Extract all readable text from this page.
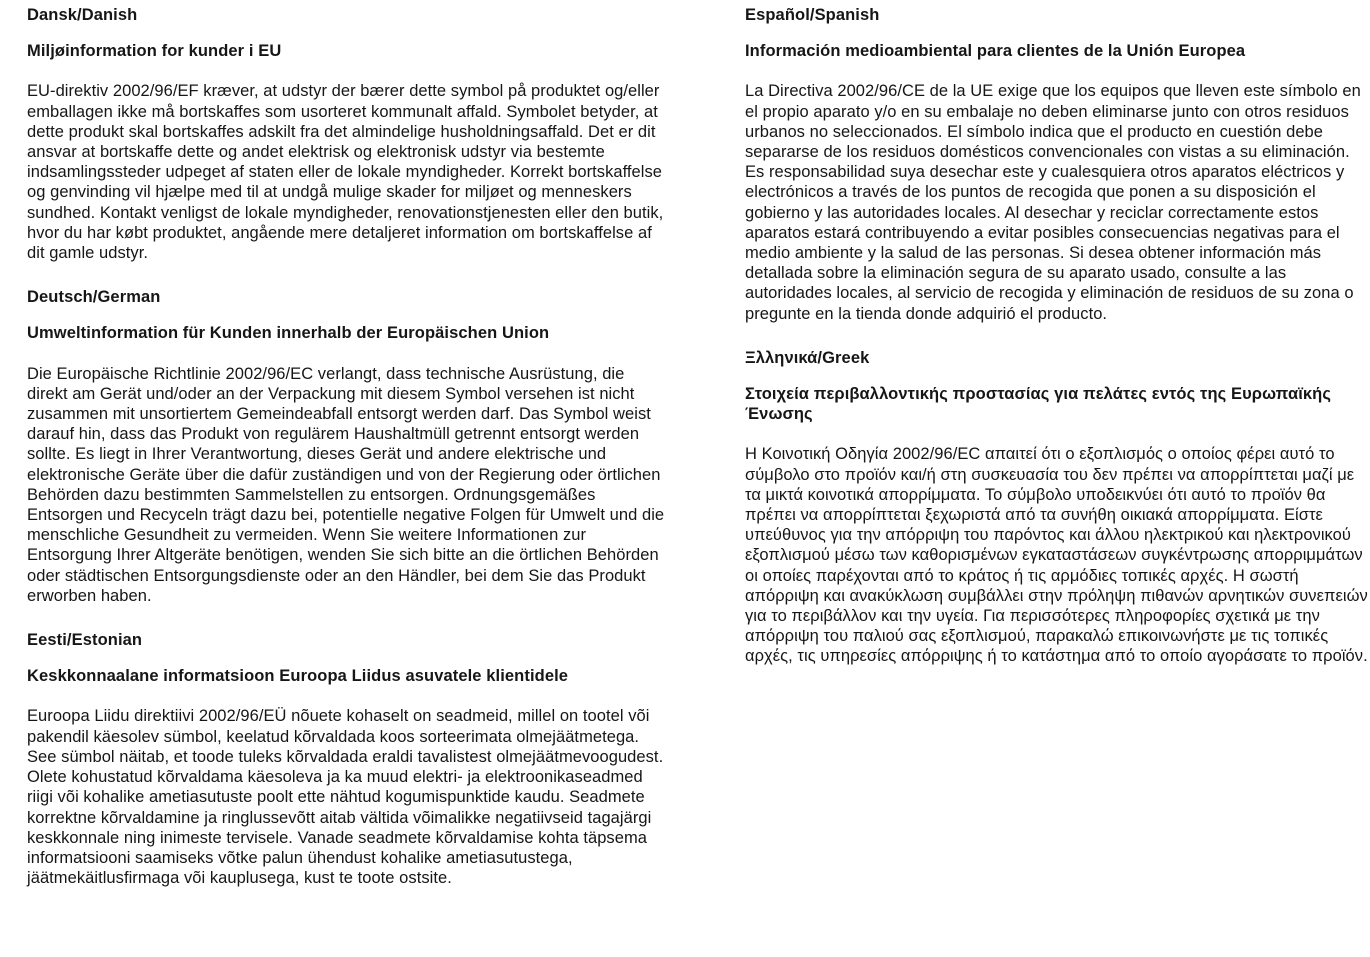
Dansk/Danish
Miljøinformation for kunder i EU
EU-direktiv 2002/96/EF kræver, at udstyr der bærer dette symbol på produktet og/eller emballagen ikke må bortskaffes som usorteret kommunalt affald. Symbolet betyder, at dette produkt skal bortskaffes adskilt fra det almindelige husholdningsaffald. Det er dit ansvar at bortskaffe dette og andet elektrisk og elektronisk udstyr via bestemte indsamlingssteder udpeget af staten eller de lokale myndigheder. Korrekt bortskaffelse og genvinding vil hjælpe med til at undgå mulige skader for miljøet og menneskers sundhed. Kontakt venligst de lokale myndigheder, renovationstjenesten eller den butik, hvor du har købt produktet, angående mere detaljeret information om bortskaffelse af dit gamle udstyr.
Deutsch/German
Umweltinformation für Kunden innerhalb der Europäischen Union
Die Europäische Richtlinie 2002/96/EC verlangt, dass technische Ausrüstung, die direkt am Gerät und/oder an der Verpackung mit diesem Symbol versehen ist nicht zusammen mit unsortiertem Gemeindeabfall entsorgt werden darf. Das Symbol weist darauf hin, dass das Produkt von regulärem Haushaltmüll getrennt entsorgt werden sollte. Es liegt in Ihrer Verantwortung, dieses Gerät und andere elektrische und elektronische Geräte über die dafür zuständigen und von der Regierung oder örtlichen Behörden dazu bestimmten Sammelstellen zu entsorgen. Ordnungsgemäßes Entsorgen und Recyceln trägt dazu bei, potentielle negative Folgen für Umwelt und die menschliche Gesundheit zu vermeiden. Wenn Sie weitere Informationen zur Entsorgung Ihrer Altgeräte benötigen, wenden Sie sich bitte an die örtlichen Behörden oder städtischen Entsorgungsdienste oder an den Händler, bei dem Sie das Produkt erworben haben.
Eesti/Estonian
Keskkonnaalane informatsioon Euroopa Liidus asuvatele klientidele
Euroopa Liidu direktiivi 2002/96/EÜ nõuete kohaselt on seadmeid, millel on tootel või pakendil käesolev sümbol, keelatud kõrvaldada koos sorteerimata olmejäätmetega. See sümbol näitab, et toode tuleks kõrvaldada eraldi tavalistest olmejäätmevoogudest. Olete kohustatud kõrvaldama käesoleva ja ka muud elektri- ja elektroonikaseadmed riigi või kohalike ametiasutuste poolt ette nähtud kogumispunktide kaudu. Seadmete korrektne kõrvaldamine ja ringlussevõtt aitab vältida võimalikke negatiivseid tagajärgi keskkonnale ning inimeste tervisele. Vanade seadmete kõrvaldamise kohta täpsema informatsiooni saamiseks võtke palun ühendust kohalike ametiasutustega, jäätmekäitlusfirmaga või kauplusega, kust te toote ostsite.
Español/Spanish
Información medioambiental para clientes de la Unión Europea
La Directiva 2002/96/CE de la UE exige que los equipos que lleven este símbolo en el propio aparato y/o en su embalaje no deben eliminarse junto con otros residuos urbanos no seleccionados. El símbolo indica que el producto en cuestión debe separarse de los residuos domésticos convencionales con vistas a su eliminación. Es responsabilidad suya desechar este y cualesquiera otros aparatos eléctricos y electrónicos a través de los puntos de recogida que ponen a su disposición el gobierno y las autoridades locales. Al desechar y reciclar correctamente estos aparatos estará contribuyendo a evitar posibles consecuencias negativas para el medio ambiente y la salud de las personas. Si desea obtener información más detallada sobre la eliminación segura de su aparato usado, consulte a las autoridades locales, al servicio de recogida y eliminación de residuos de su zona o pregunte en la tienda donde adquirió el producto.
Ξλληνικά/Greek
Στοιχεία περιβαλλοντικής προστασίας για πελάτες εντός της Ευρωπαϊκής Ένωσης
Η Κοινοτική Οδηγία 2002/96/EC απαιτεί ότι ο εξοπλισμός ο οποίος φέρει αυτό το σύμβολο στο προϊόν και/ή στη συσκευασία του δεν πρέπει να απορρίπτεται μαζί με τα μικτά κοινοτικά απορρίμματα. Το σύμβολο υποδεικνύει ότι αυτό το προϊόν θα πρέπει να απορρίπτεται ξεχωριστά από τα συνήθη οικιακά απορρίμματα. Είστε υπεύθυνος για την απόρριψη του παρόντος και άλλου ηλεκτρικού και ηλεκτρονικού εξοπλισμού μέσω των καθορισμένων εγκαταστάσεων συγκέντρωσης απορριμμάτων οι οποίες παρέχονται από το κράτος ή τις αρμόδιες τοπικές αρχές. Η σωστή απόρριψη και ανακύκλωση συμβάλλει στην πρόληψη πιθανών αρνητικών συνεπειών για το περιβάλλον και την υγεία. Για περισσότερες πληροφορίες σχετικά με την απόρριψη του παλιού σας εξοπλισμού, παρακαλώ επικοινωνήστε με τις τοπικές αρχές, τις υπηρεσίες απόρριψης ή το κατάστημα από το οποίο αγοράσατε το προϊόν.
